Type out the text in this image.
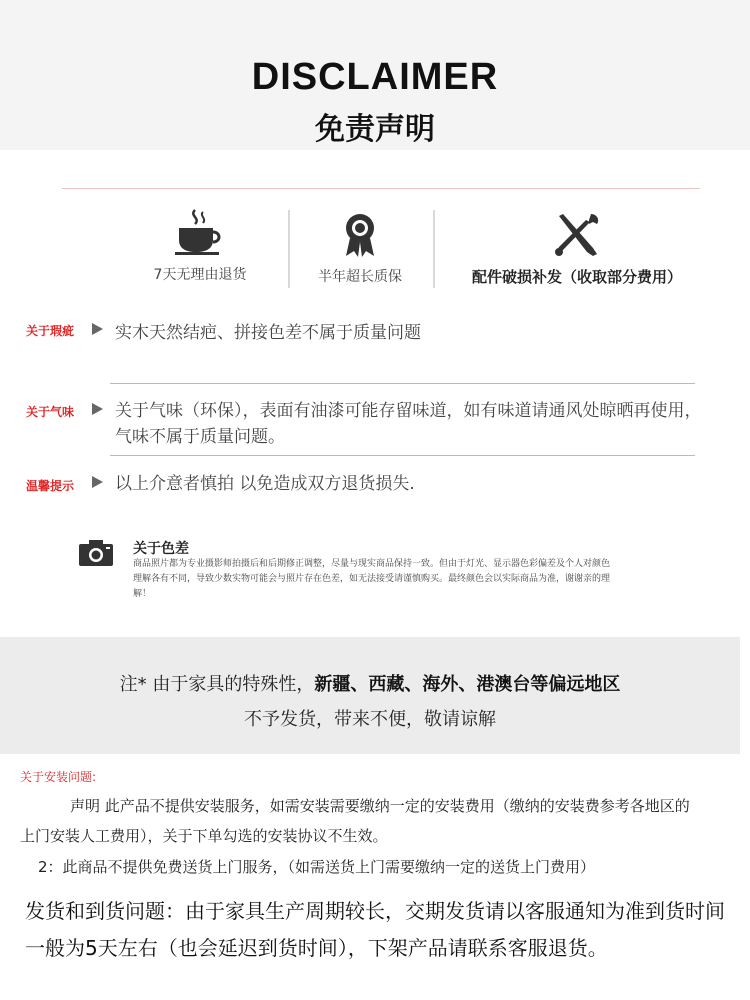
DISCLAIMER
免责声明
7天无理由退货	半年超长质保	配件破损补发（收取部分费用）
关于瑕疵 实木天然结疤、拼接色差不属于质量问题
关于气味 关于气味（环保），表面有油漆可能存留味道，如有味道请通风处晾晒再使用，气味不属于质量问题。
温馨提示 以上介意者慎拍 以免造成双方退货损失.
关于色差
商品照片都为专业摄影师拍摄后和后期修正调整，尽量与现实商品保持一致。但由于灯光、显示器色彩偏差及个人对颜色理解各有不同，导致少数实物可能会与照片存在色差，如无法接受请谨慎购买。最终颜色会以实际商品为准，谢谢亲的理解！
注* 由于家具的特殊性，新疆、西藏、海外、港澳台等偏远地区
不予发货，带来不便，敬请谅解
关于安装问题:
声明 此产品不提供安装服务，如需安装需要缴纳一定的安装费用（缴纳的安装费参考各地区的上门安装人工费用），关于下单勾选的安装协议不生效。
2：此商品不提供免费送货上门服务，（如需送货上门需要缴纳一定的送货上门费用）
发货和到货问题：由于家具生产周期较长，交期发货请以客服通知为准到货时间一般为5天左右（也会延迟到货时间），下架产品请联系客服退货。
